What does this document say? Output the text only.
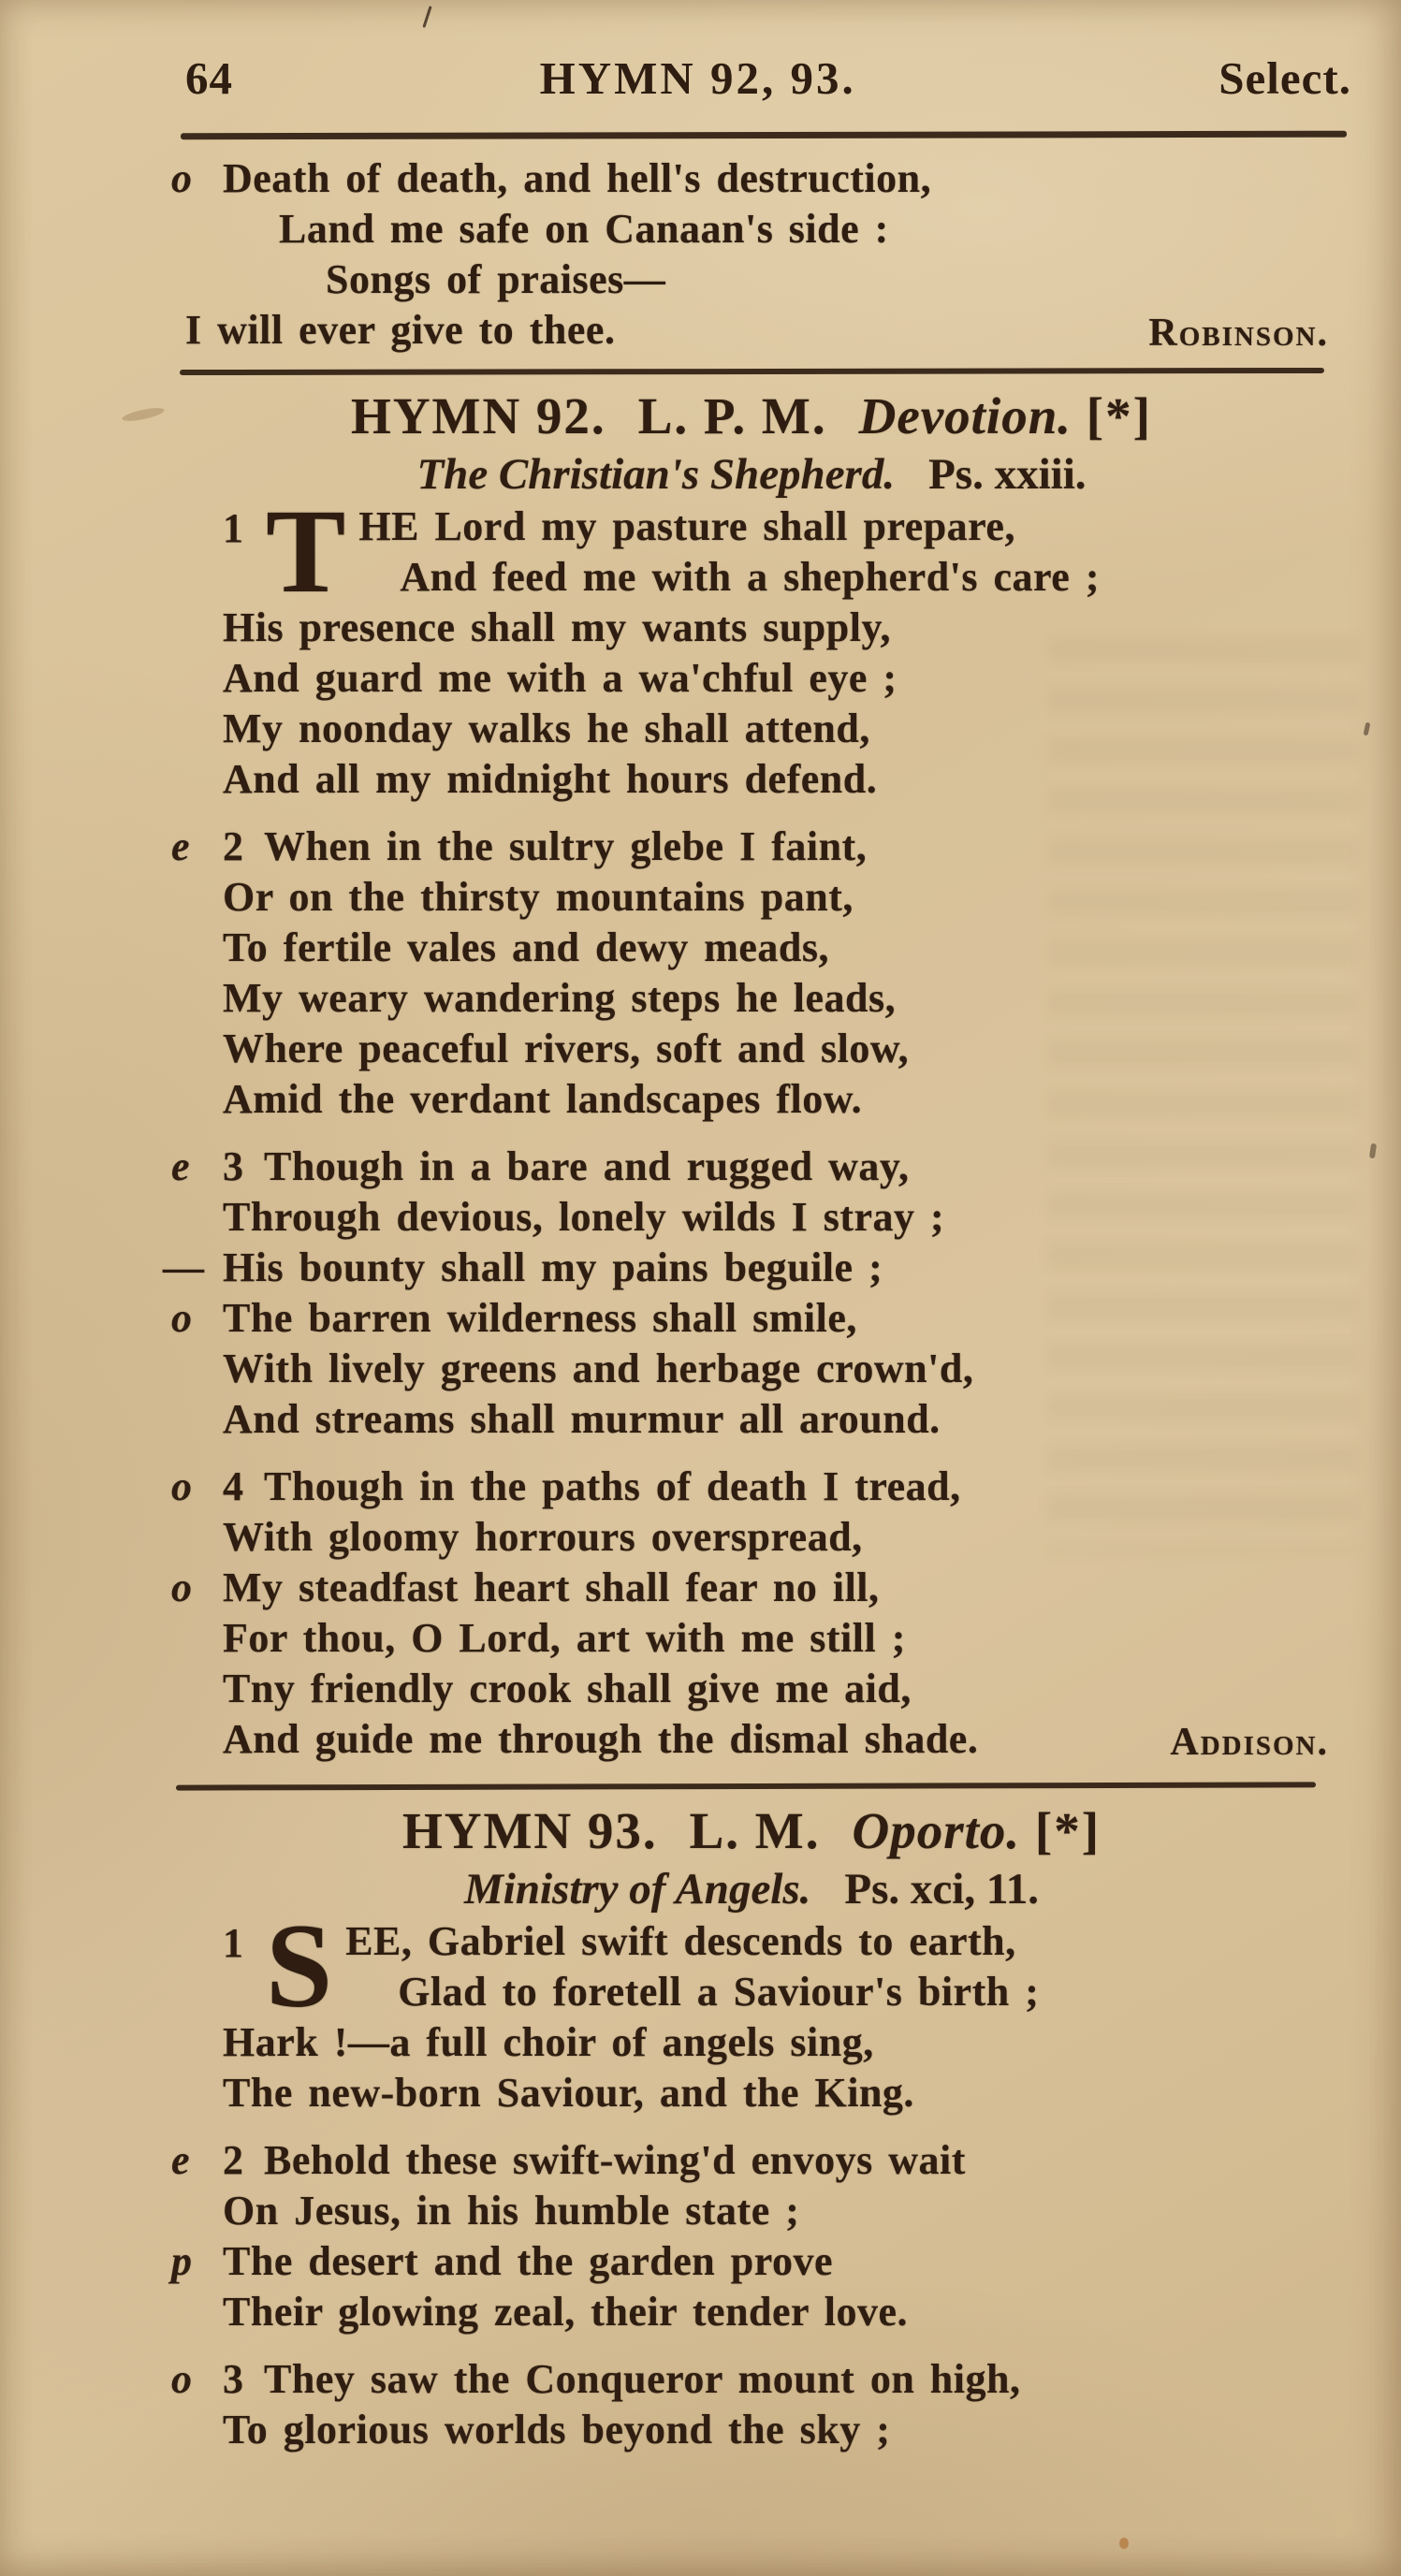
64	HYMN 92, 93.	Select.
o Death of death, and hell's destruction,
Land me safe on Canaan's side :
Songs of praises—
I will ever give to thee.	Robinson.
HYMN 92. L. P. M. Devotion. [*]
The Christian's Shepherd. Ps. xxiii.
1 T HE Lord my pasture shall prepare,
And feed me with a shepherd's care ;
His presence shall my wants supply,
And guard me with a wa'chful eye ;
My noonday walks he shall attend,
And all my midnight hours defend.
e 2 When in the sultry glebe I faint,
Or on the thirsty mountains pant,
To fertile vales and dewy meads,
My weary wandering steps he leads,
Where peaceful rivers, soft and slow,
Amid the verdant landscapes flow.
e 3 Though in a bare and rugged way,
Through devious, lonely wilds I stray ;
— His bounty shall my pains beguile ;
o The barren wilderness shall smile,
With lively greens and herbage crown'd,
And streams shall murmur all around.
o 4 Though in the paths of death I tread,
With gloomy horrours overspread,
o My steadfast heart shall fear no ill,
For thou, O Lord, art with me still ;
Tny friendly crook shall give me aid,
And guide me through the dismal shade.	Addison.
HYMN 93. L. M. Oporto. [*]
Ministry of Angels. Ps. xci, 11.
1 S EE, Gabriel swift descends to earth,
Glad to foretell a Saviour's birth ;
Hark !—a full choir of angels sing,
The new-born Saviour, and the King.
e 2 Behold these swift-wing'd envoys wait
On Jesus, in his humble state ;
p The desert and the garden prove
Their glowing zeal, their tender love.
o 3 They saw the Conqueror mount on high,
To glorious worlds beyond the sky ;
